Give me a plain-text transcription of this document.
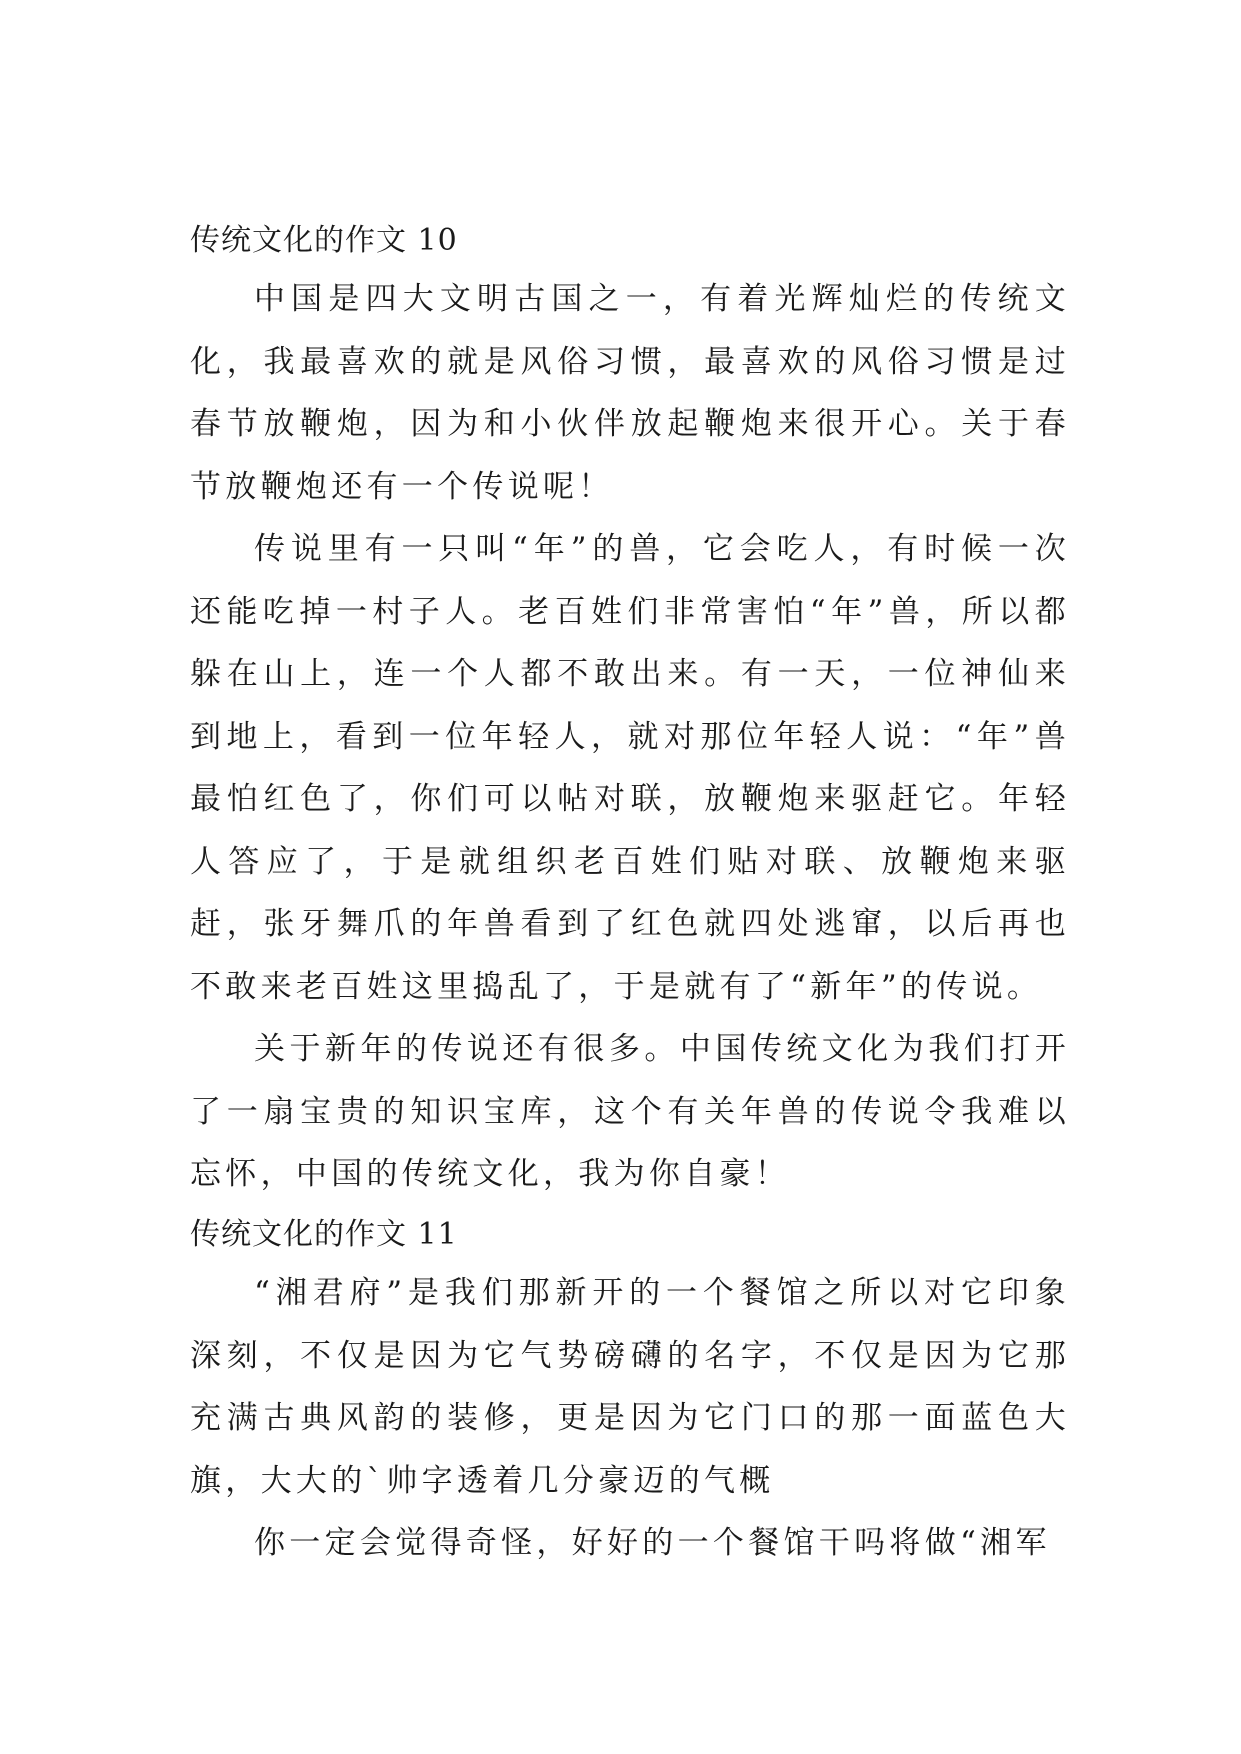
传统文化的作文 10

中国是四大文明古国之一，有着光辉灿烂的传统文化，我最喜欢的就是风俗习惯，最喜欢的风俗习惯是过春节放鞭炮，因为和小伙伴放起鞭炮来很开心。关于春节放鞭炮还有一个传说呢！

传说里有一只叫“年”的兽，它会吃人，有时候一次还能吃掉一村子人。老百姓们非常害怕“年”兽，所以都躲在山上，连一个人都不敢出来。有一天，一位神仙来到地上，看到一位年轻人，就对那位年轻人说：“年”兽最怕红色了，你们可以帖对联，放鞭炮来驱赶它。年轻人答应了，于是就组织老百姓们贴对联、放鞭炮来驱赶，张牙舞爪的年兽看到了红色就四处逃窜，以后再也不敢来老百姓这里捣乱了，于是就有了“新年”的传说。

关于新年的传说还有很多。中国传统文化为我们打开了一扇宝贵的知识宝库，这个有关年兽的传说令我难以忘怀，中国的传统文化，我为你自豪！

传统文化的作文 11

“湘君府”是我们那新开的一个餐馆之所以对它印象深刻，不仅是因为它气势磅礴的名字，不仅是因为它那充满古典风韵的装修，更是因为它门口的那一面蓝色大旗，大大的`帅字透着几分豪迈的气概

你一定会觉得奇怪，好好的一个餐馆干吗将做“湘军
